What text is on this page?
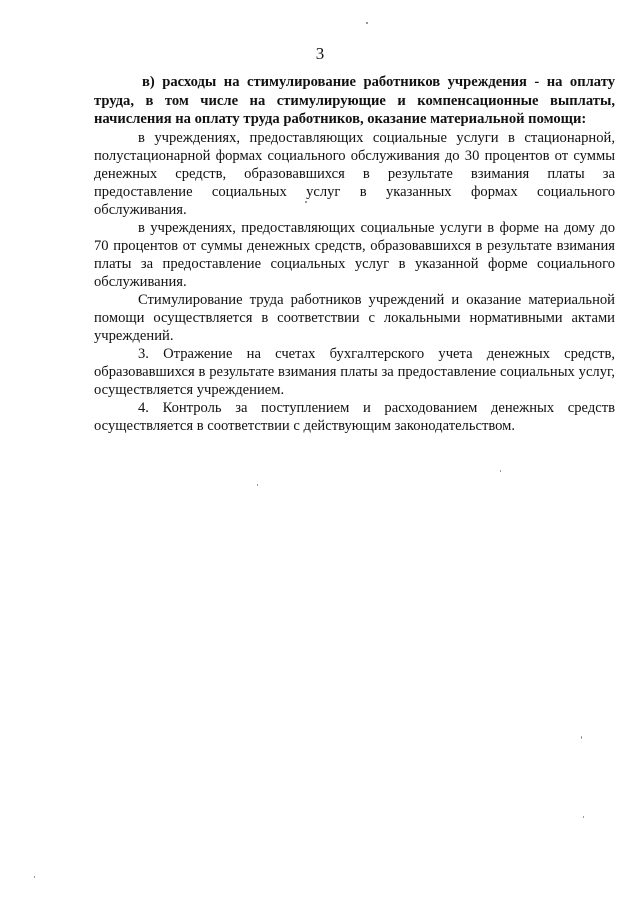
3

в) расходы на стимулирование работников учреждения - на оплату труда, в том числе на стимулирующие и компенсационные выплаты, начисления на оплату труда работников, оказание материальной помощи:

в учреждениях, предоставляющих социальные услуги в стационарной, полустационарной формах социального обслуживания до 30 процентов от суммы денежных средств, образовавшихся в результате взимания платы за предоставление социальных услуг в указанных формах социального обслуживания.

в учреждениях, предоставляющих социальные услуги в форме на дому до 70 процентов от суммы денежных средств, образовавшихся в результате взимания платы за предоставление социальных услуг в указанной форме социального обслуживания.

Стимулирование труда работников учреждений и оказание материальной помощи осуществляется в соответствии с локальными нормативными актами учреждений.

3. Отражение на счетах бухгалтерского учета денежных средств, образовавшихся в результате взимания платы за предоставление социальных услуг, осуществляется учреждением.

4. Контроль за поступлением и расходованием денежных средств осуществляется в соответствии с действующим законодательством.
